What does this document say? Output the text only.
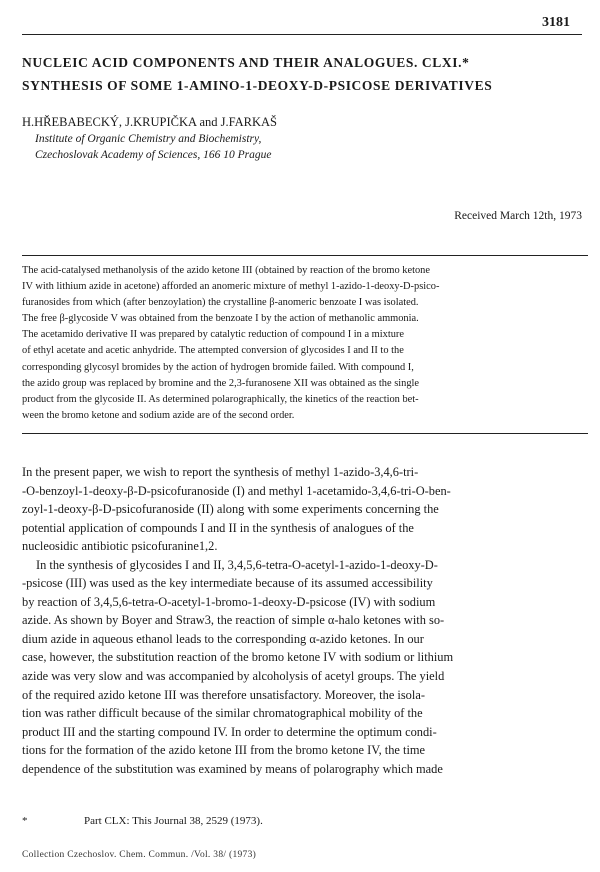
3181
NUCLEIC ACID COMPONENTS AND THEIR ANALOGUES. CLXI.*
SYNTHESIS OF SOME 1-AMINO-1-DEOXY-D-PSICOSE DERIVATIVES
H.HŘEBABECKÝ, J.KRUPIČKA and J.FARKAŠ
Institute of Organic Chemistry and Biochemistry,
Czechoslovak Academy of Sciences, 166 10 Prague
Received March 12th, 1973
The acid-catalysed methanolysis of the azido ketone III (obtained by reaction of the bromo ketone
IV with lithium azide in acetone) afforded an anomeric mixture of methyl 1-azido-1-deoxy-D-psico-
furanosides from which (after benzoylation) the crystalline β-anomeric benzoate I was isolated.
The free β-glycoside V was obtained from the benzoate I by the action of methanolic ammonia.
The acetamido derivative II was prepared by catalytic reduction of compound I in a mixture
of ethyl acetate and acetic anhydride. The attempted conversion of glycosides I and II to the
corresponding glycosyl bromides by the action of hydrogen bromide failed. With compound I,
the azido group was replaced by bromine and the 2,3-furanosene XII was obtained as the single
product from the glycoside II. As determined polarographically, the kinetics of the reaction bet-
ween the bromo ketone and sodium azide are of the second order.
In the present paper, we wish to report the synthesis of methyl 1-azido-3,4,6-tri-
-O-benzoyl-1-deoxy-β-D-psicofuranoside (I) and methyl 1-acetamido-3,4,6-tri-O-ben-
zoyl-1-deoxy-β-D-psicofuranoside (II) along with some experiments concerning the
potential application of compounds I and II in the synthesis of analogues of the
nucleosidic antibiotic psicofuranine1,2.
In the synthesis of glycosides I and II, 3,4,5,6-tetra-O-acetyl-1-azido-1-deoxy-D-
-psicose (III) was used as the key intermediate because of its assumed accessibility
by reaction of 3,4,5,6-tetra-O-acetyl-1-bromo-1-deoxy-D-psicose (IV) with sodium
azide. As shown by Boyer and Straw3, the reaction of simple α-halo ketones with so-
dium azide in aqueous ethanol leads to the corresponding α-azido ketones. In our
case, however, the substitution reaction of the bromo ketone IV with sodium or lithium
azide was very slow and was accompanied by alcoholysis of acetyl groups. The yield
of the required azido ketone III was therefore unsatisfactory. Moreover, the isola-
tion was rather difficult because of the similar chromatographical mobility of the
product III and the starting compound IV. In order to determine the optimum condi-
tions for the formation of the azido ketone III from the bromo ketone IV, the time
dependence of the substitution was examined by means of polarography which made
*	Part CLX: This Journal 38, 2529 (1973).
Collection Czechoslov. Chem. Commun. /Vol. 38/ (1973)
